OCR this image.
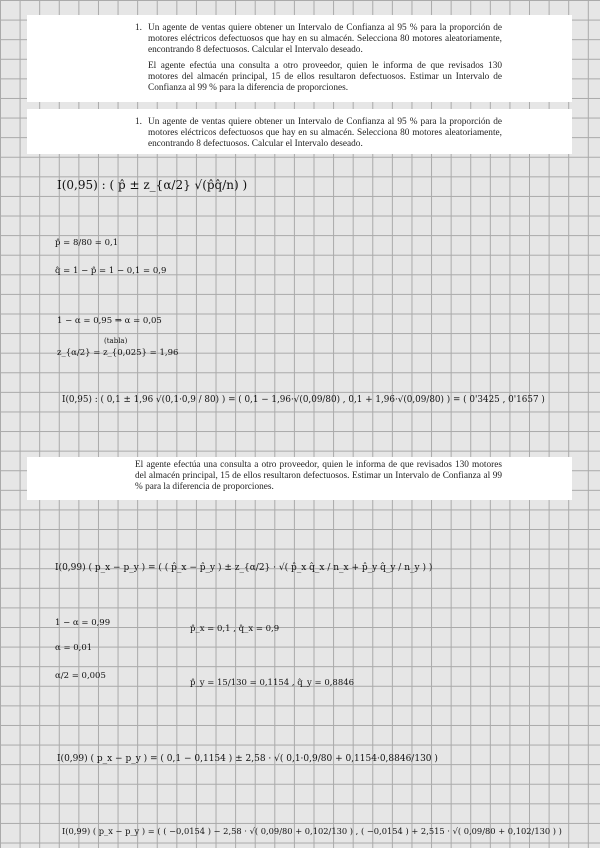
1. Un agente de ventas quiere obtener un Intervalo de Confianza al 95 % para la proporción de motores eléctricos defectuosos que hay en su almacén. Selecciona 80 motores aleatoriamente, encontrando 8 defectuosos. Calcular el Intervalo deseado.
El agente efectúa una consulta a otro proveedor, quien le informa de que revisados 130 motores del almacén principal, 15 de ellos resultaron defectuosos. Estimar un Intervalo de Confianza al 99 % para la diferencia de proporciones.
1. Un agente de ventas quiere obtener un Intervalo de Confianza al 95 % para la proporción de motores eléctricos defectuosos que hay en su almacén. Selecciona 80 motores aleatoriamente, encontrando 8 defectuosos. Calcular el Intervalo deseado.
I(0,95) : ( p̂ ± z_{α/2} √(p̂q̂/n) )
p̂ = 8/80 = 0,1
q̂ = 1 − p̂ = 1 − 0,1 = 0,9
1 − α = 0,95 ⇒ α = 0,05
(tabla)
z_{α/2} = z_{0,025} = 1,96
I(0,95) : ( 0,1 ± 1,96 √(0,1·0,9 / 80) ) = ( 0,1 − 1,96·√(0,09/80) , 0,1 + 1,96·√(0,09/80) ) = ( 0'3425 , 0'1657 )
El agente efectúa una consulta a otro proveedor, quien le informa de que revisados 130 motores del almacén principal, 15 de ellos resultaron defectuosos. Estimar un Intervalo de Confianza al 99 % para la diferencia de proporciones.
I(0,99) ( p_x − p_y ) = ( ( p̂_x − p̂_y ) ± z_{α/2} · √( p̂_x q̂_x / n_x + p̂_y q̂_y / n_y ) )
1 − α = 0,99
α = 0,01
α/2 = 0,005
p̂_x = 0,1 , q̂_x = 0,9
p̂_y = 15/130 = 0,1154 , q̂_y = 0,8846
I(0,99) ( p_x − p_y ) = ( 0,1 − 0,1154 ) ± 2,58 · √( 0,1·0,9/80 + 0,1154·0,8846/130 )
I(0,99) ( p_x − p_y ) = ( ( −0,0154 ) − 2,58 · √( 0,09/80 + 0,102/130 ) , ( −0,0154 ) + 2,515 · √( 0,09/80 + 0,102/130 ) )
